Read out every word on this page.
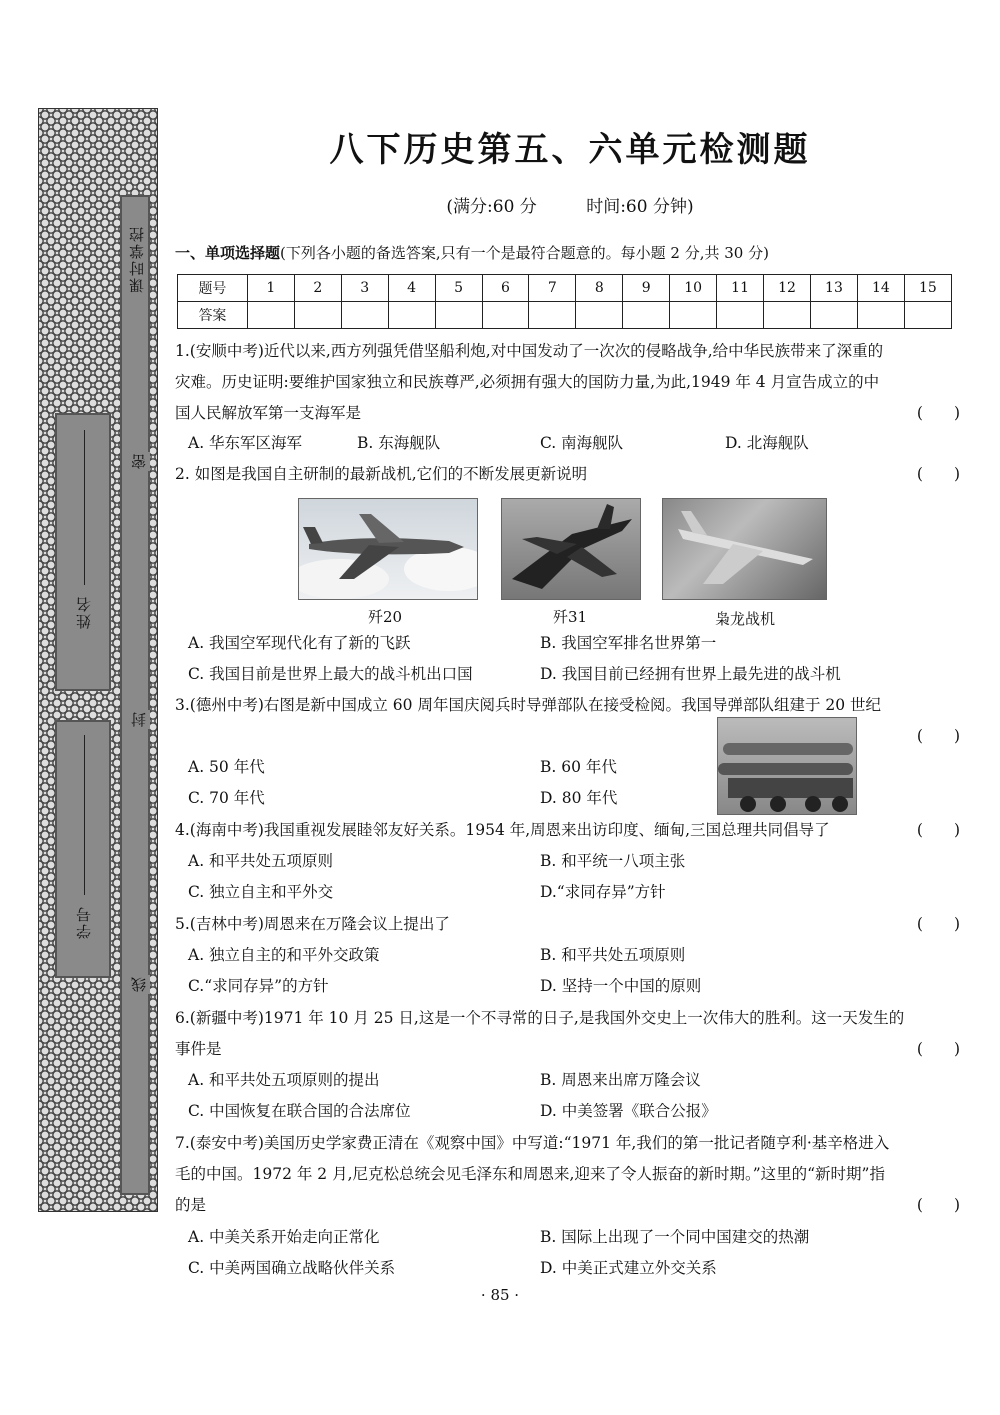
课时掌控
姓名
学号
密
封
线
八下历史第五、六单元检测题
(满分:60 分	时间:60 分钟)
一、单项选择题(下列各小题的备选答案,只有一个是最符合题意的。每小题 2 分,共 30 分)
题号	1	2	3	4	5	6	7	8	9	10	11	12	13	14	15
答案															
1.(安顺中考)近代以来,西方列强凭借坚船利炮,对中国发动了一次次的侵略战争,给中华民族带来了深重的
灾难。历史证明:要维护国家独立和民族尊严,必须拥有强大的国防力量,为此,1949 年 4 月宣告成立的中
国人民解放军第一支海军是	(　　)
A. 华东军区海军	B. 东海舰队	C. 南海舰队	D. 北海舰队
2. 如图是我国自主研制的最新战机,它们的不断发展更新说明	(　　)
歼20	歼31	枭龙战机
A. 我国空军现代化有了新的飞跃	B. 我国空军排名世界第一
C. 我国目前是世界上最大的战斗机出口国	D. 我国目前已经拥有世界上最先进的战斗机
3.(德州中考)右图是新中国成立 60 周年国庆阅兵时导弹部队在接受检阅。我国导弹部队组建于 20 世纪
(　　)
A. 50 年代	B. 60 年代
C. 70 年代	D. 80 年代
4.(海南中考)我国重视发展睦邻友好关系。1954 年,周恩来出访印度、缅甸,三国总理共同倡导了	(　　)
A. 和平共处五项原则	B. 和平统一八项主张
C. 独立自主和平外交	D.“求同存异”方针
5.(吉林中考)周恩来在万隆会议上提出了	(　　)
A. 独立自主的和平外交政策	B. 和平共处五项原则
C.“求同存异”的方针	D. 坚持一个中国的原则
6.(新疆中考)1971 年 10 月 25 日,这是一个不寻常的日子,是我国外交史上一次伟大的胜利。这一天发生的
事件是	(　　)
A. 和平共处五项原则的提出	B. 周恩来出席万隆会议
C. 中国恢复在联合国的合法席位	D. 中美签署《联合公报》
7.(泰安中考)美国历史学家费正清在《观察中国》中写道:“1971 年,我们的第一批记者随亨利·基辛格进入
毛的中国。1972 年 2 月,尼克松总统会见毛泽东和周恩来,迎来了令人振奋的新时期。”这里的“新时期”指
的是	(　　)
A. 中美关系开始走向正常化	B. 国际上出现了一个同中国建交的热潮
C. 中美两国确立战略伙伴关系	D. 中美正式建立外交关系
· 85 ·
